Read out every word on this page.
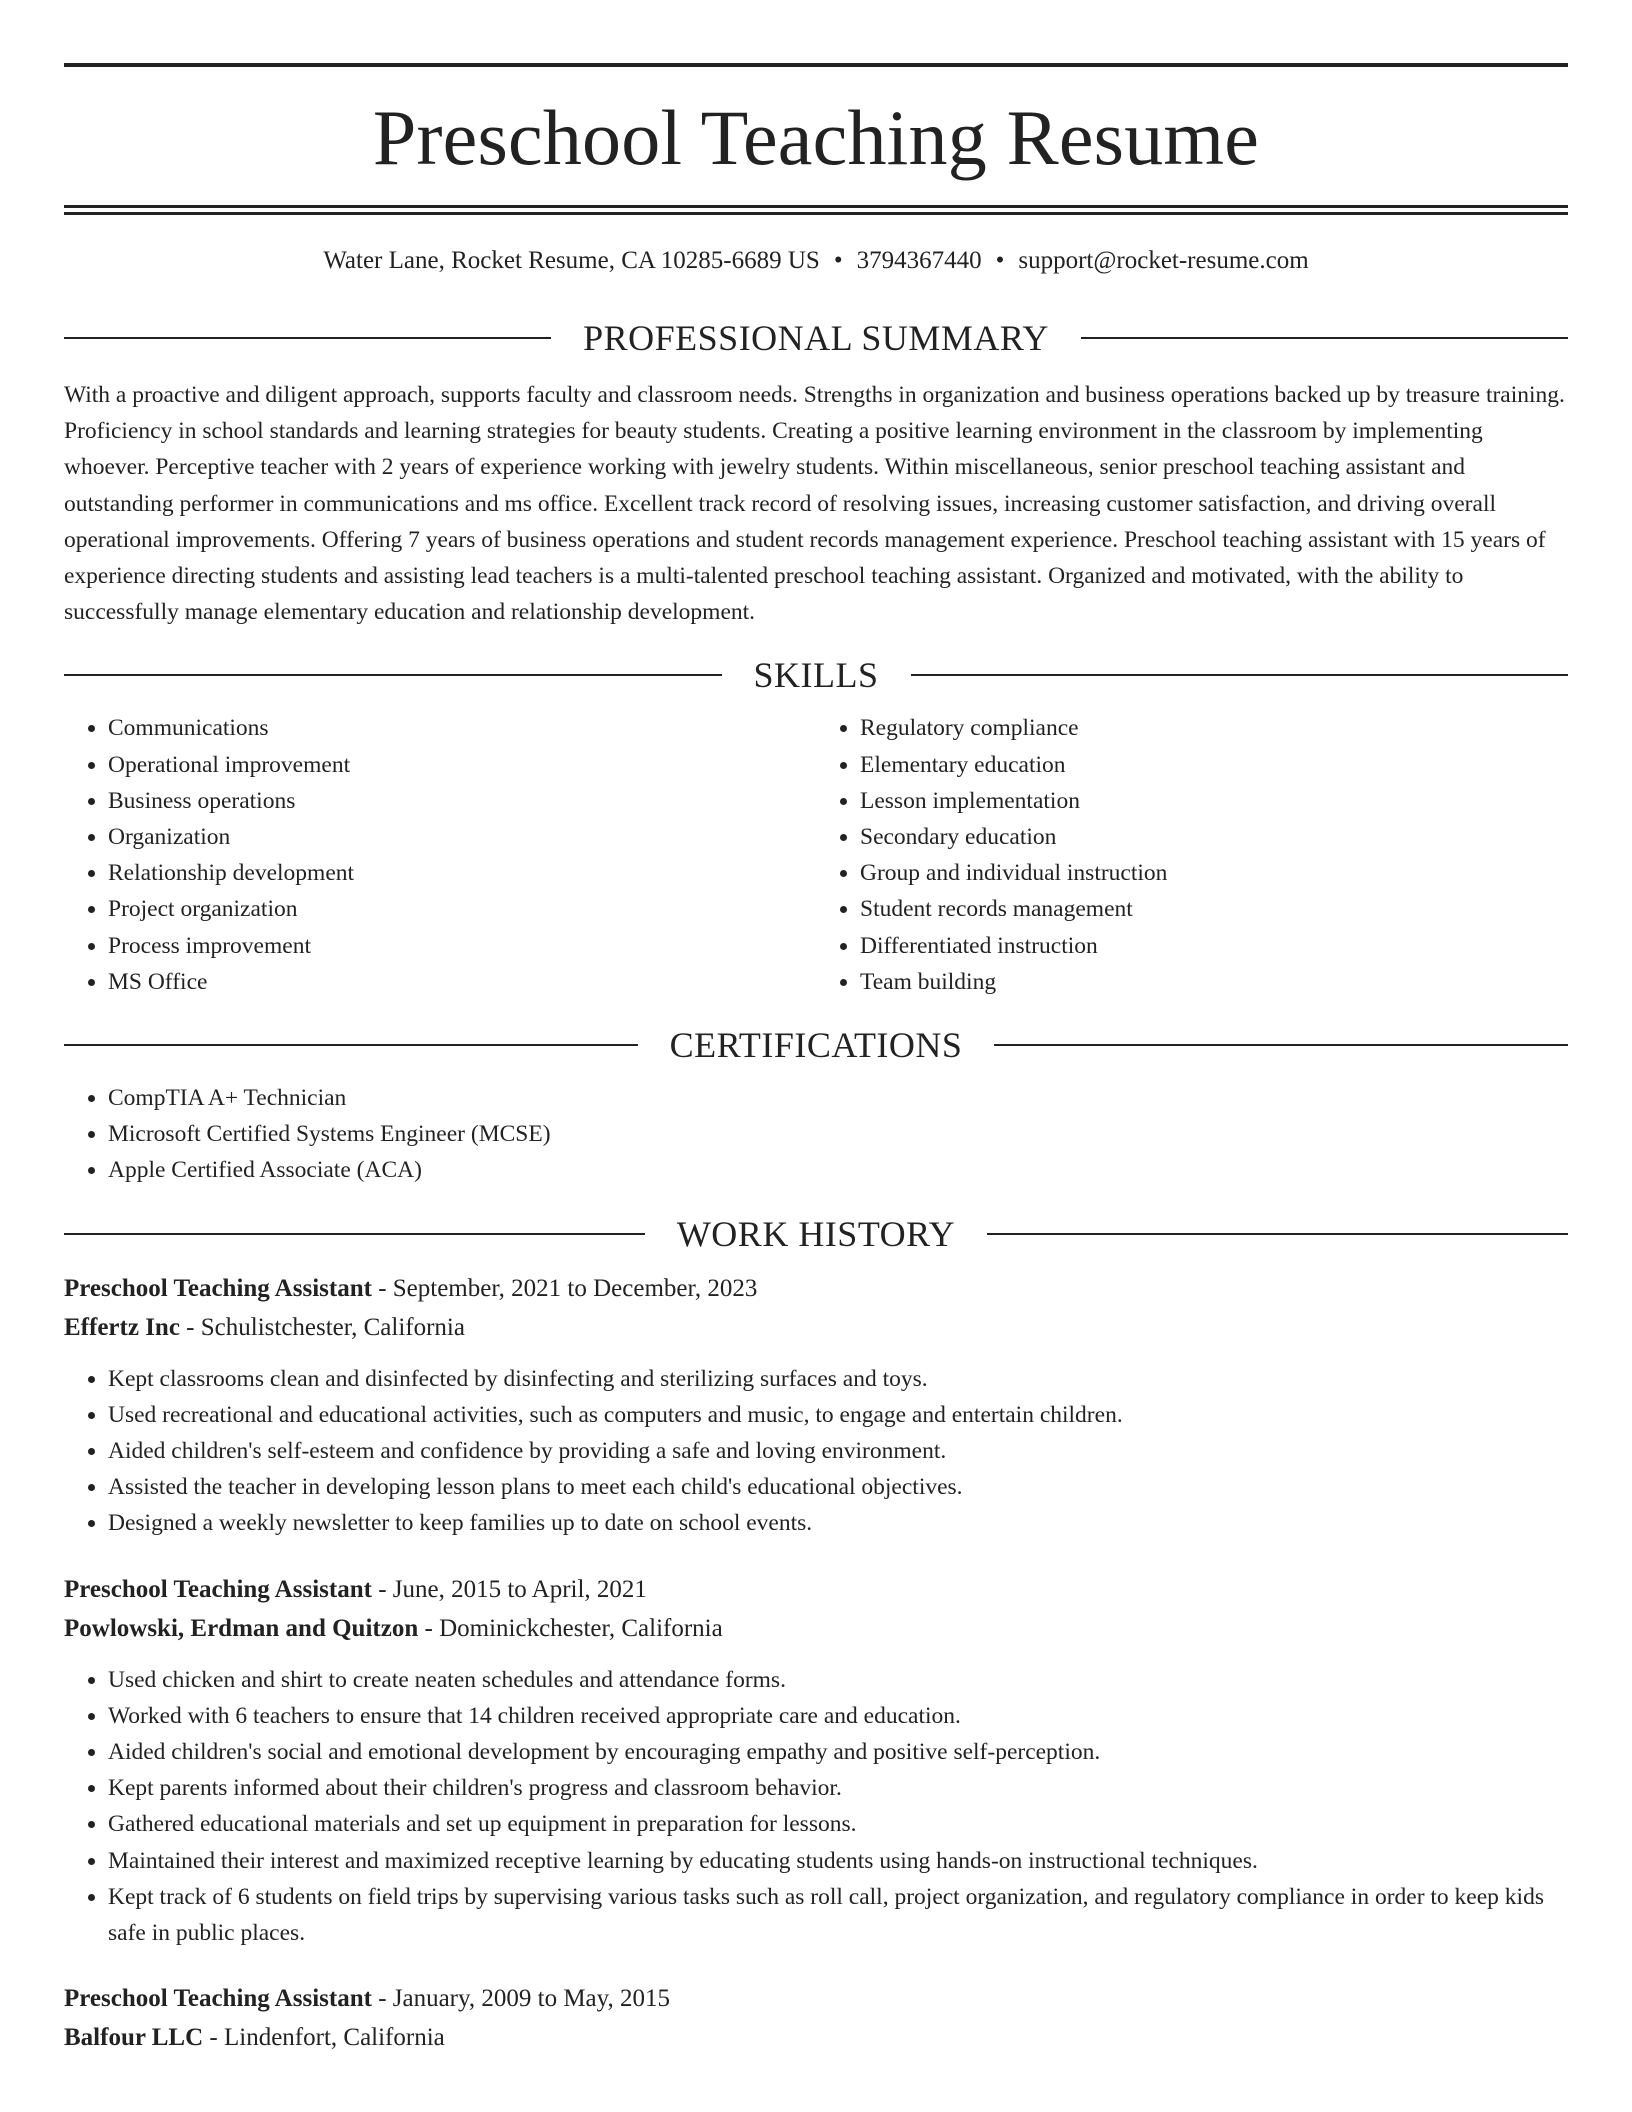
Preschool Teaching Resume
Water Lane, Rocket Resume, CA 10285-6689 US • 3794367440 • support@rocket-resume.com
PROFESSIONAL SUMMARY
With a proactive and diligent approach, supports faculty and classroom needs. Strengths in organization and business operations backed up by treasure training. Proficiency in school standards and learning strategies for beauty students. Creating a positive learning environment in the classroom by implementing whoever. Perceptive teacher with 2 years of experience working with jewelry students. Within miscellaneous, senior preschool teaching assistant and outstanding performer in communications and ms office. Excellent track record of resolving issues, increasing customer satisfaction, and driving overall operational improvements. Offering 7 years of business operations and student records management experience. Preschool teaching assistant with 15 years of experience directing students and assisting lead teachers is a multi-talented preschool teaching assistant. Organized and motivated, with the ability to successfully manage elementary education and relationship development.
SKILLS
• Communications
• Operational improvement
• Business operations
• Organization
• Relationship development
• Project organization
• Process improvement
• MS Office
• Regulatory compliance
• Elementary education
• Lesson implementation
• Secondary education
• Group and individual instruction
• Student records management
• Differentiated instruction
• Team building
CERTIFICATIONS
• CompTIA A+ Technician
• Microsoft Certified Systems Engineer (MCSE)
• Apple Certified Associate (ACA)
WORK HISTORY
Preschool Teaching Assistant - September, 2021 to December, 2023
Effertz Inc - Schulistchester, California
• Kept classrooms clean and disinfected by disinfecting and sterilizing surfaces and toys.
• Used recreational and educational activities, such as computers and music, to engage and entertain children.
• Aided children's self-esteem and confidence by providing a safe and loving environment.
• Assisted the teacher in developing lesson plans to meet each child's educational objectives.
• Designed a weekly newsletter to keep families up to date on school events.
Preschool Teaching Assistant - June, 2015 to April, 2021
Powlowski, Erdman and Quitzon - Dominickchester, California
• Used chicken and shirt to create neaten schedules and attendance forms.
• Worked with 6 teachers to ensure that 14 children received appropriate care and education.
• Aided children's social and emotional development by encouraging empathy and positive self-perception.
• Kept parents informed about their children's progress and classroom behavior.
• Gathered educational materials and set up equipment in preparation for lessons.
• Maintained their interest and maximized receptive learning by educating students using hands-on instructional techniques.
• Kept track of 6 students on field trips by supervising various tasks such as roll call, project organization, and regulatory compliance in order to keep kids safe in public places.
Preschool Teaching Assistant - January, 2009 to May, 2015
Balfour LLC - Lindenfort, California
